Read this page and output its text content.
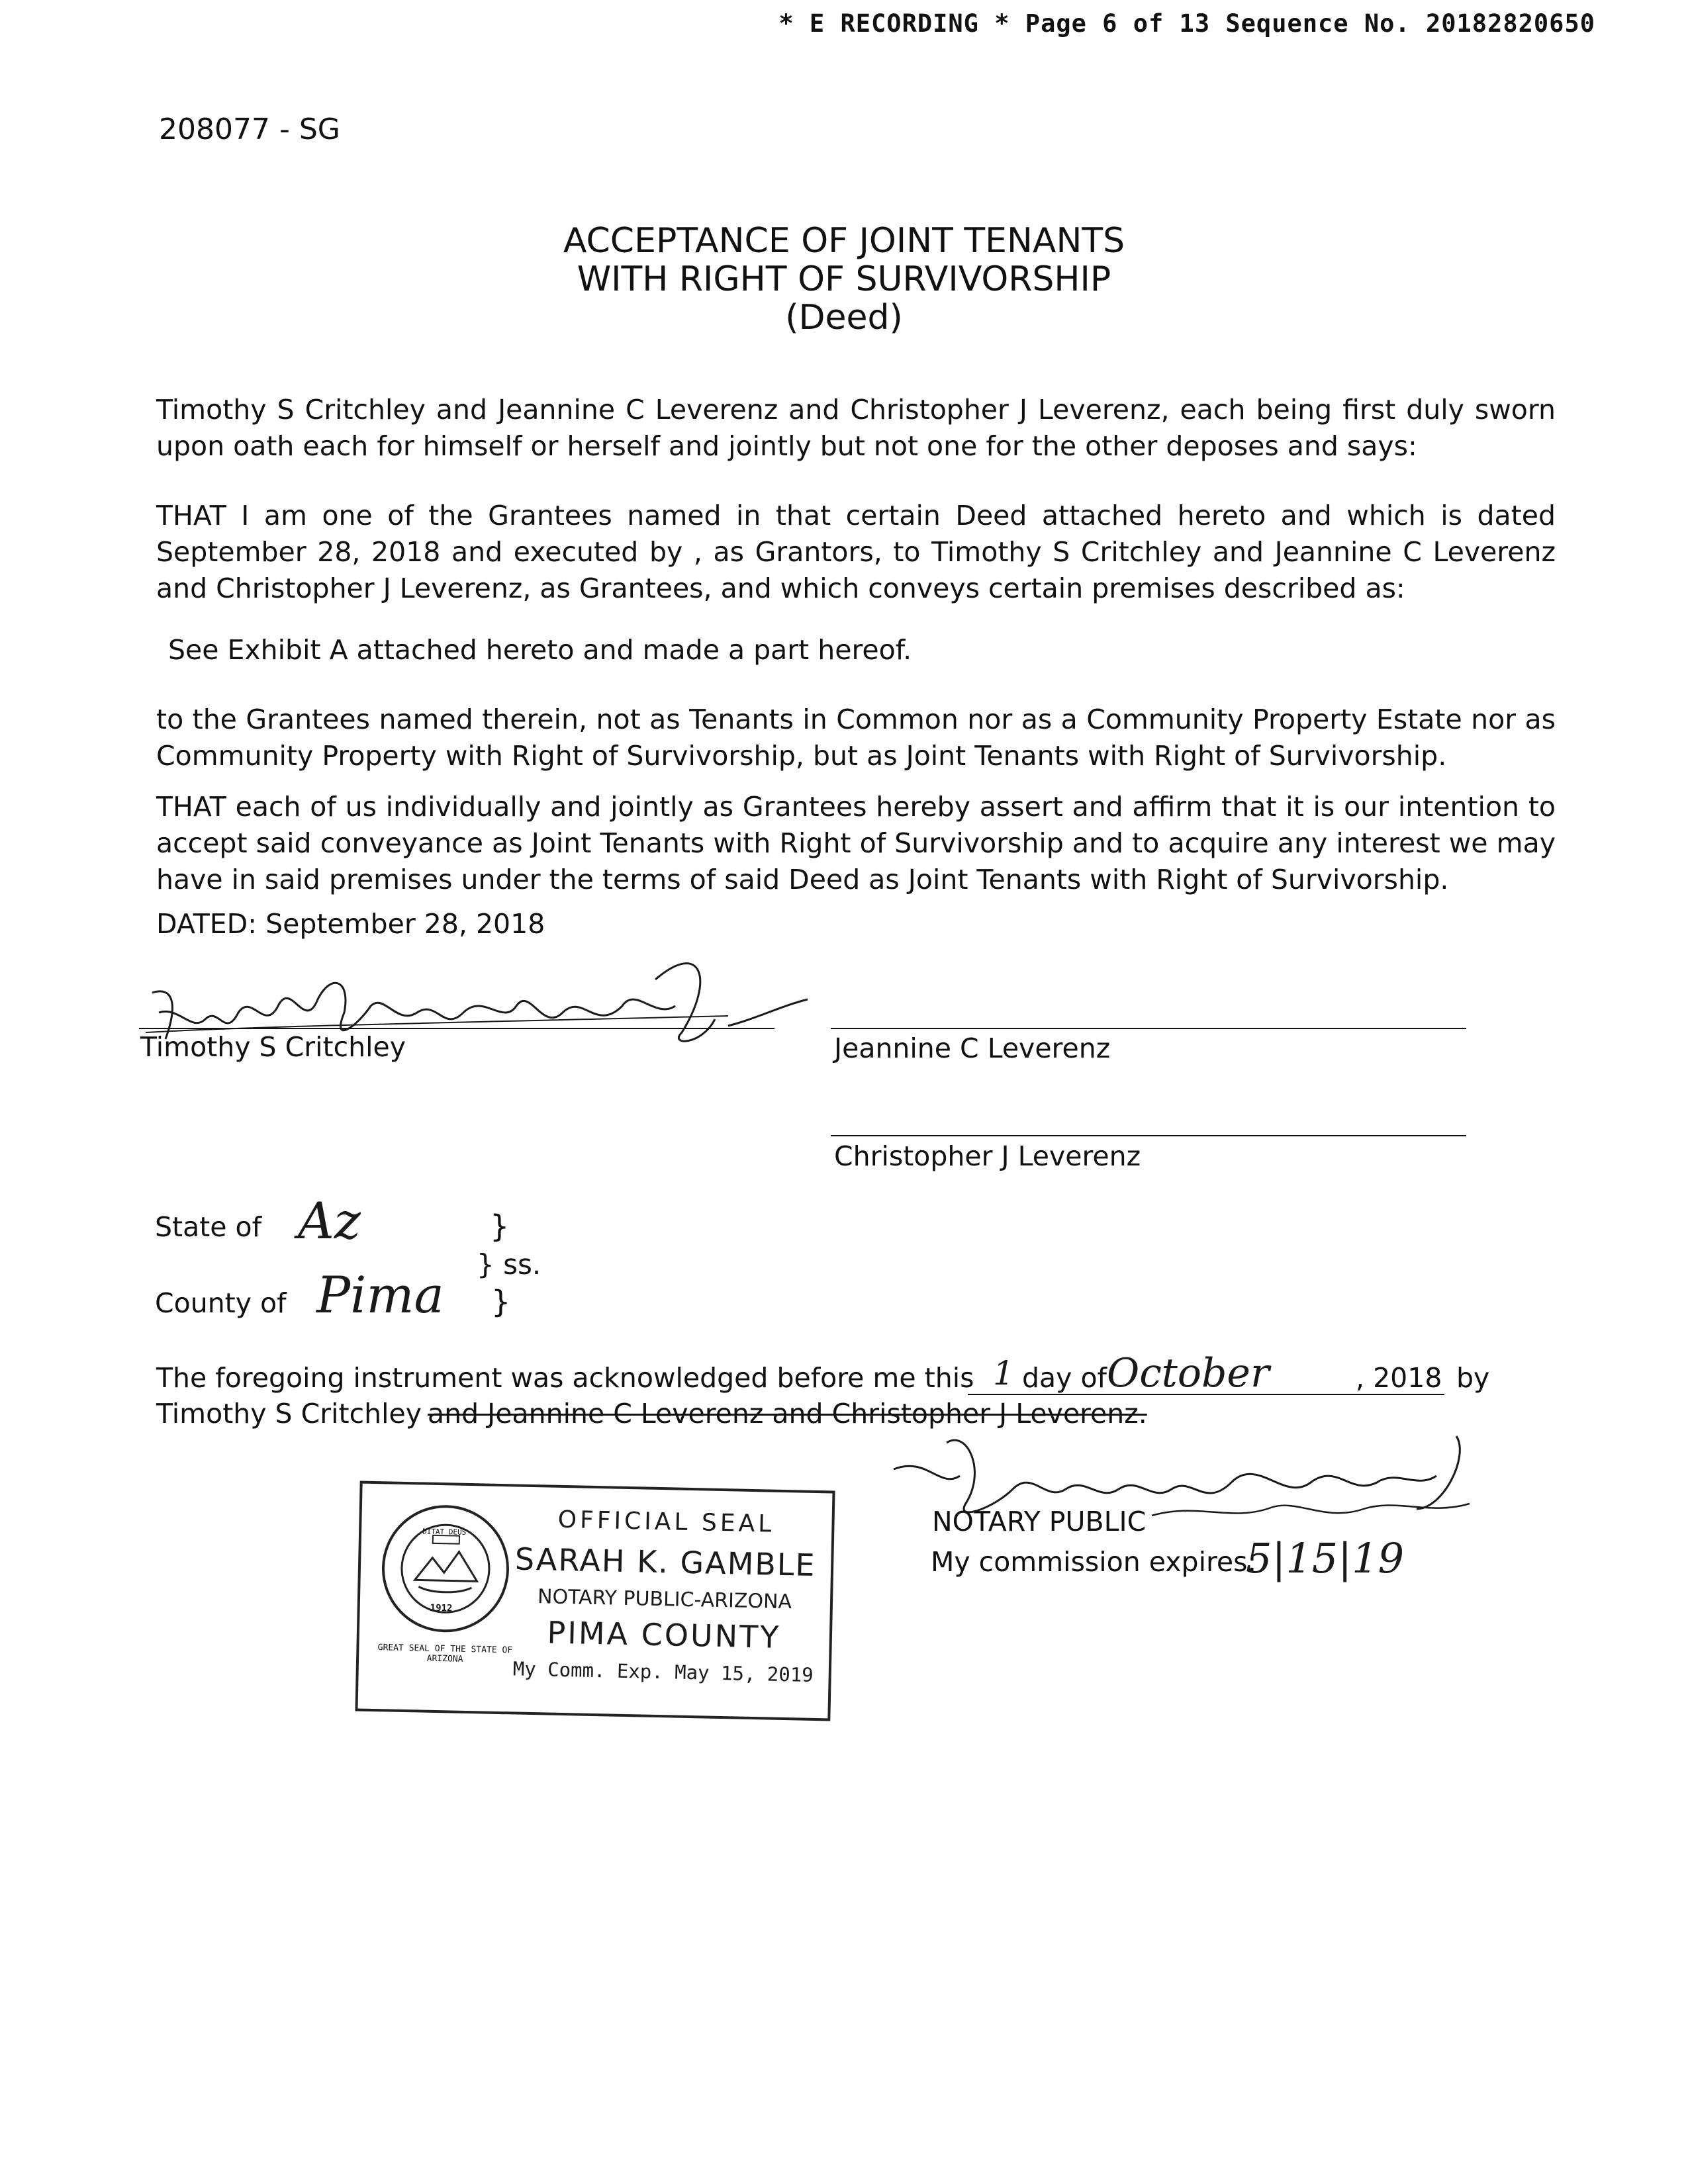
* E RECORDING * Page 6 of 13 Sequence No. 20182820650
208077 - SG
ACCEPTANCE OF JOINT TENANTS
WITH RIGHT OF SURVIVORSHIP
(Deed)

Timothy S Critchley and Jeannine C Leverenz and Christopher J Leverenz, each being first duly sworn upon oath each for himself or herself and jointly but not one for the other deposes and says:

THAT I am one of the Grantees named in that certain Deed attached hereto and which is dated September 28, 2018 and executed by , as Grantors, to Timothy S Critchley and Jeannine C Leverenz and Christopher J Leverenz, as Grantees, and which conveys certain premises described as:

See Exhibit A attached hereto and made a part hereof.

to the Grantees named therein, not as Tenants in Common nor as a Community Property Estate nor as Community Property with Right of Survivorship, but as Joint Tenants with Right of Survivorship.

THAT each of us individually and jointly as Grantees hereby assert and affirm that it is our intention to accept said conveyance as Joint Tenants with Right of Survivorship and to acquire any interest we may have in said premises under the terms of said Deed as Joint Tenants with Right of Survivorship.

DATED: September 28, 2018
Timothy S Critchley	Jeannine C Leverenz
Christopher J Leverenz
State of Az	}
} ss.
County of Pima }
The foregoing instrument was acknowledged before me this 1 day of October	, 2018 by
Timothy S Critchley and Jeannine C Leverenz and Christopher J Leverenz.
NOTARY PUBLIC
My commission expires:
5|15|19
DITAT DEUS
1912
GREAT SEAL OF THE STATE OF ARIZONA
OFFICIAL SEAL
SARAH K. GAMBLE
NOTARY PUBLIC-ARIZONA
PIMA COUNTY
My Comm. Exp. May 15, 2019
